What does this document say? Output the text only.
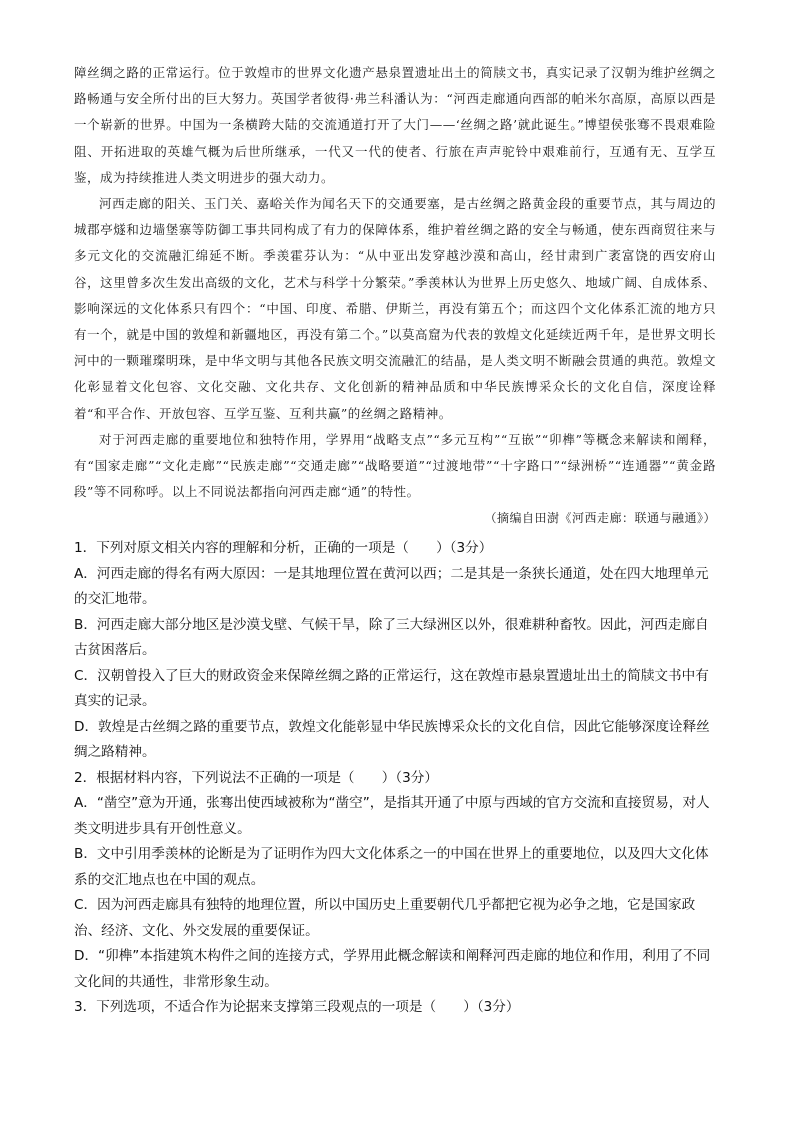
障丝绸之路的正常运行。位于敦煌市的世界文化遗产悬泉置遗址出土的简牍文书，真实记录了汉朝为维护丝绸之路畅通与安全所付出的巨大努力。英国学者彼得·弗兰科潘认为：“河西走廊通向西部的帕米尔高原，高原以西是一个崭新的世界。中国为一条横跨大陆的交流通道打开了大门——‘丝绸之路’就此诞生。”博望侯张骞不畏艰难险阻、开拓进取的英雄气概为后世所继承，一代又一代的使者、行旅在声声驼铃中艰难前行，互通有无、互学互鉴，成为持续推进人类文明进步的强大动力。

河西走廊的阳关、玉门关、嘉峪关作为闻名天下的交通要塞，是古丝绸之路黄金段的重要节点，其与周边的城郡亭燧和边墙堡寨等防御工事共同构成了有力的保障体系，维护着丝绸之路的安全与畅通，使东西商贸往来与多元文化的交流融汇绵延不断。季羡霍芬认为：“从中亚出发穿越沙漠和高山，经甘肃到广袤富饶的西安府山谷，这里曾多次生发出高级的文化，艺术与科学十分繁荣。”季羡林认为世界上历史悠久、地域广阔、自成体系、影响深远的文化体系只有四个：“中国、印度、希腊、伊斯兰，再没有第五个；而这四个文化体系汇流的地方只有一个，就是中国的敦煌和新疆地区，再没有第二个。”以莫高窟为代表的敦煌文化延续近两千年，是世界文明长河中的一颗璀璨明珠，是中华文明与其他各民族文明交流融汇的结晶，是人类文明不断融会贯通的典范。敦煌文化彰显着文化包容、文化交融、文化共存、文化创新的精神品质和中华民族博采众长的文化自信，深度诠释着“和平合作、开放包容、互学互鉴、互利共赢”的丝绸之路精神。

对于河西走廊的重要地位和独特作用，学界用“战略支点”“多元互构”“互嵌”“卯榫”等概念来解读和阐释，有“国家走廊”“文化走廊”“民族走廊”“交通走廊”“战略要道”“过渡地带”“十字路口”“绿洲桥”“连通器”“黄金路段”等不同称呼。以上不同说法都指向河西走廊“通”的特性。

（摘编自田澍《河西走廊：联通与融通》）

1．下列对原文相关内容的理解和分析，正确的一项是（　　）（3分）
A．河西走廊的得名有两大原因：一是其地理位置在黄河以西；二是其是一条狭长通道，处在四大地理单元的交汇地带。
B．河西走廊大部分地区是沙漠戈壁、气候干旱，除了三大绿洲区以外，很难耕种畜牧。因此，河西走廊自古贫困落后。
C．汉朝曾投入了巨大的财政资金来保障丝绸之路的正常运行，这在敦煌市悬泉置遗址出土的简牍文书中有真实的记录。
D．敦煌是古丝绸之路的重要节点，敦煌文化能彰显中华民族博采众长的文化自信，因此它能够深度诠释丝绸之路精神。

2．根据材料内容，下列说法不正确的一项是（　　）（3分）
A．“凿空”意为开通，张骞出使西域被称为“凿空”，是指其开通了中原与西域的官方交流和直接贸易，对人类文明进步具有开创性意义。
B．文中引用季羡林的论断是为了证明作为四大文化体系之一的中国在世界上的重要地位，以及四大文化体系的交汇地点也在中国的观点。
C．因为河西走廊具有独特的地理位置，所以中国历史上重要朝代几乎都把它视为必争之地，它是国家政治、经济、文化、外交发展的重要保证。
D．“卯榫”本指建筑木构件之间的连接方式，学界用此概念解读和阐释河西走廊的地位和作用，利用了不同文化间的共通性，非常形象生动。

3．下列选项，不适合作为论据来支撑第三段观点的一项是（　　）（3分）
